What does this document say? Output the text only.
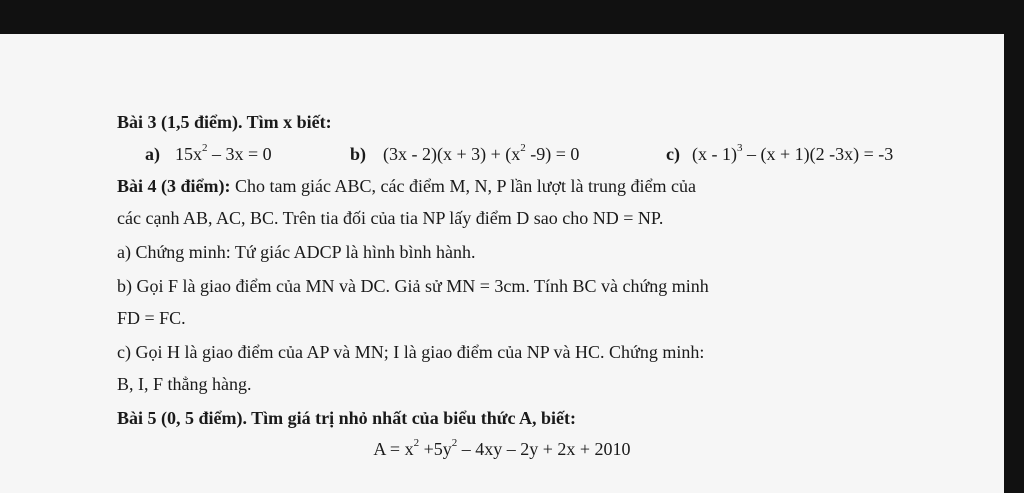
Bài 3 (1,5 điểm). Tìm x biết:
a) $15x^2 - 3x = 0$	b) $(3x - 2)(x + 3) + (x^2$ -9) = 0	c) (x - 1)$^3$ – (x + 1)(2 -3x) = -3
Bài 4 (3 điểm): Cho tam giác ABC, các điểm M, N, P lần lượt là trung điểm của
các cạnh AB, AC, BC. Trên tia đối của tia NP lấy điểm D sao cho ND = NP.
a) Chứng minh: Tứ giác ADCP là hình bình hành.
b) Gọi F là giao điểm của MN và DC. Giả sử MN = 3cm. Tính BC và chứng minh
FD = FC.
c) Gọi H là giao điểm của AP và MN; I là giao điểm của NP và HC. Chứng minh:
B, I, F thẳng hàng.
Bài 5 (0, 5 điểm). Tìm giá trị nhỏ nhất của biểu thức A, biết:
$A = x^2 +5y^2 - 4xy - 2y + 2x + 2010$
